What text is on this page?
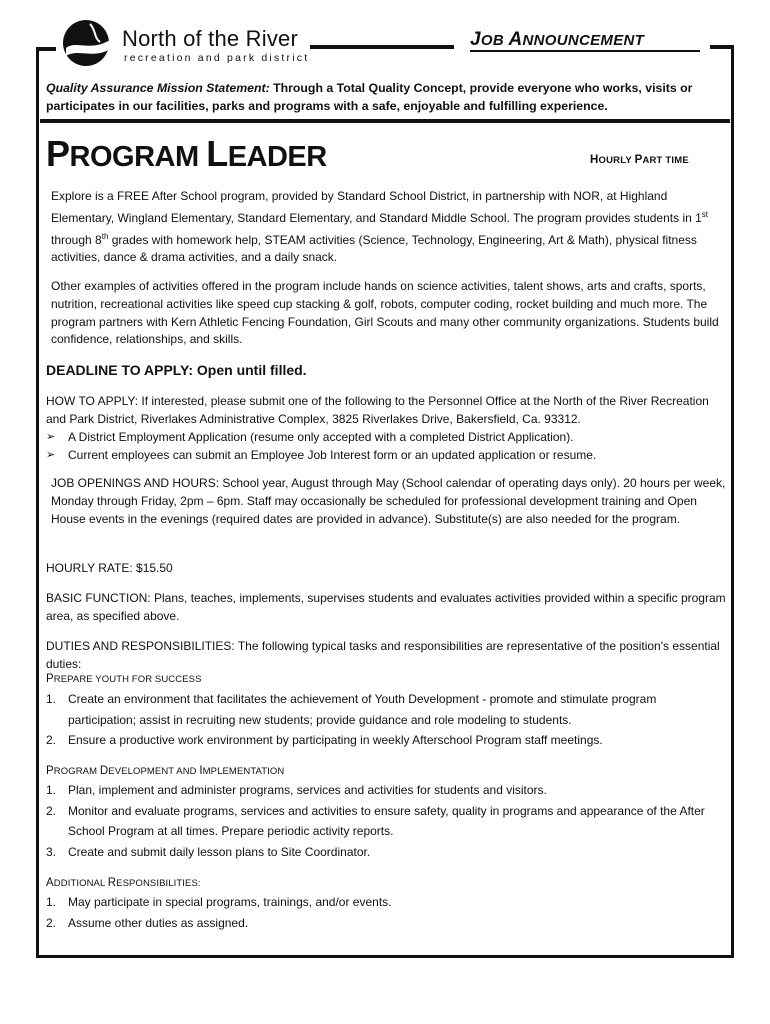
North of the River
recreation and park district
JOB ANNOUNCEMENT
Quality Assurance Mission Statement: Through a Total Quality Concept, provide everyone who works, visits or participates in our facilities, parks and programs with a safe, enjoyable and fulfilling experience.
PROGRAM LEADER	HOURLY PART TIME
Explore is a FREE After School program, provided by Standard School District, in partnership with NOR, at Highland Elementary, Wingland Elementary, Standard Elementary, and Standard Middle School. The program provides students in 1st through 8th grades with homework help, STEAM activities (Science, Technology, Engineering, Art & Math), physical fitness activities, dance & drama activities, and a daily snack.
Other examples of activities offered in the program include hands on science activities, talent shows, arts and crafts, sports, nutrition, recreational activities like speed cup stacking & golf, robots, computer coding, rocket building and much more. The program partners with Kern Athletic Fencing Foundation, Girl Scouts and many other community organizations. Students build confidence, relationships, and skills.
DEADLINE TO APPLY: Open until filled.
HOW TO APPLY: If interested, please submit one of the following to the Personnel Office at the North of the River Recreation and Park District, Riverlakes Administrative Complex, 3825 Riverlakes Drive, Bakersfield, Ca. 93312.
➢ A District Employment Application (resume only accepted with a completed District Application).
➢ Current employees can submit an Employee Job Interest form or an updated application or resume.
JOB OPENINGS AND HOURS: School year, August through May (School calendar of operating days only). 20 hours per week, Monday through Friday, 2pm – 6pm. Staff may occasionally be scheduled for professional development training and Open House events in the evenings (required dates are provided in advance). Substitute(s) are also needed for the program.
HOURLY RATE: $15.50
BASIC FUNCTION: Plans, teaches, implements, supervises students and evaluates activities provided within a specific program area, as specified above.
DUTIES AND RESPONSIBILITIES: The following typical tasks and responsibilities are representative of the position's essential duties:
PREPARE YOUTH FOR SUCCESS
1. Create an environment that facilitates the achievement of Youth Development - promote and stimulate program participation; assist in recruiting new students; provide guidance and role modeling to students.
2. Ensure a productive work environment by participating in weekly Afterschool Program staff meetings.
PROGRAM DEVELOPMENT AND IMPLEMENTATION
1. Plan, implement and administer programs, services and activities for students and visitors.
2. Monitor and evaluate programs, services and activities to ensure safety, quality in programs and appearance of the After School Program at all times. Prepare periodic activity reports.
3. Create and submit daily lesson plans to Site Coordinator.
ADDITIONAL RESPONSIBILITIES:
1. May participate in special programs, trainings, and/or events.
2. Assume other duties as assigned.
